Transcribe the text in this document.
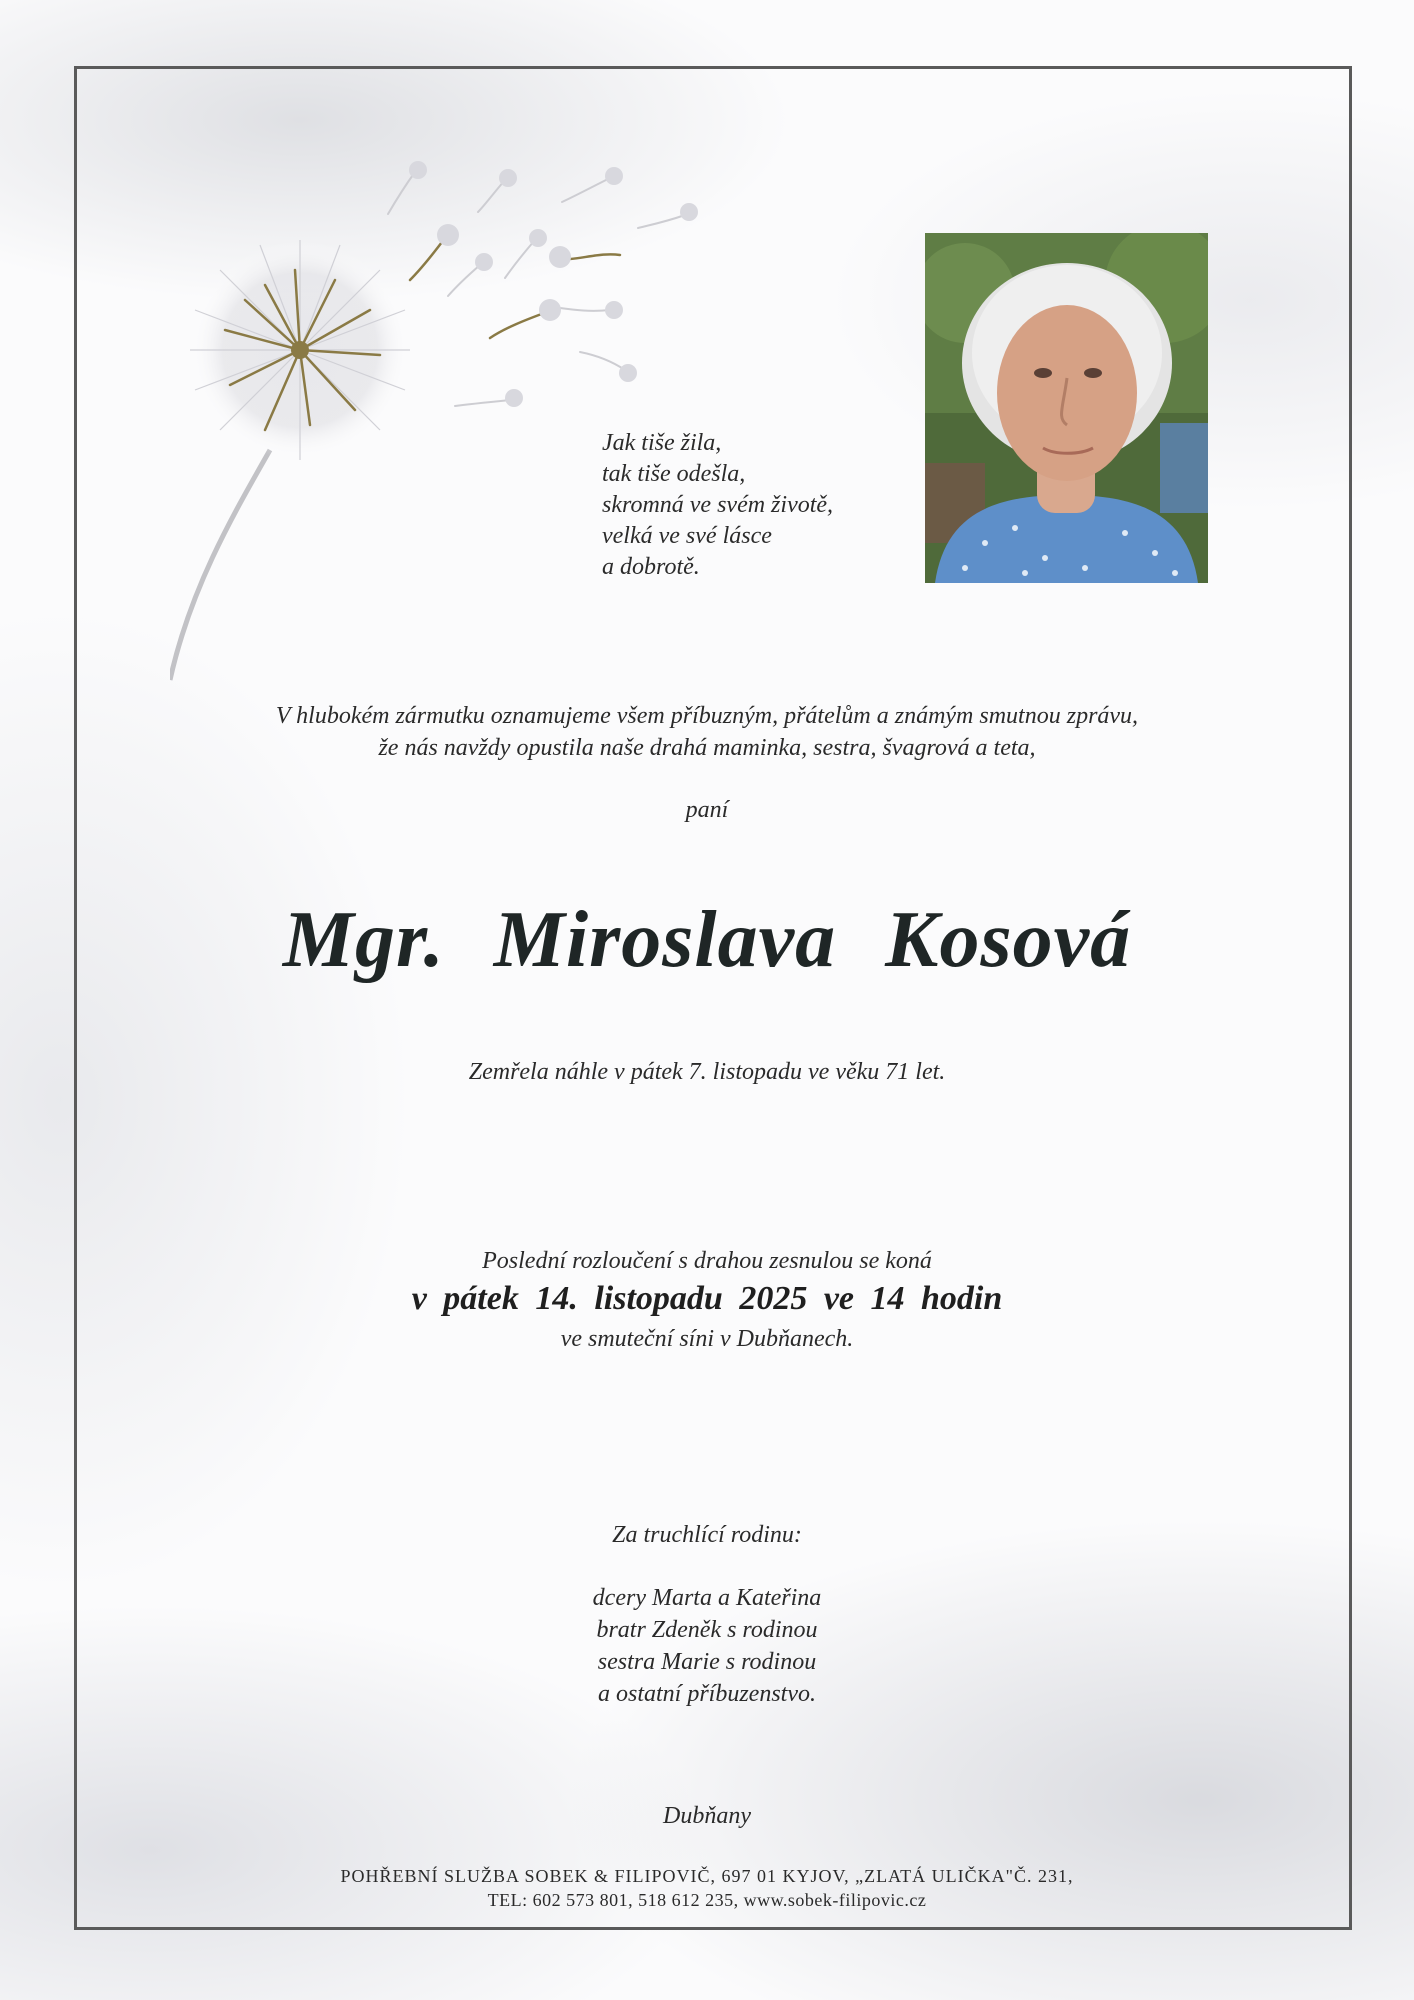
Jak tiše žila,
tak tiše odešla,
skromná ve svém životě,
velká ve své lásce
a dobrotě.
V hlubokém zármutku oznamujeme všem příbuzným, přátelům a známým smutnou zprávu,
že nás navždy opustila naše drahá maminka, sestra, švagrová a teta,
paní
Mgr. Miroslava Kosová
Zemřela náhle v pátek 7. listopadu ve věku 71 let.
Poslední rozloučení s drahou zesnulou se koná
v pátek 14. listopadu 2025 ve 14 hodin
ve smuteční síni v Dubňanech.
Za truchlící rodinu:
dcery Marta a Kateřina
bratr Zdeněk s rodinou
sestra Marie s rodinou
a ostatní příbuzenstvo.
Dubňany
POHŘEBNÍ SLUŽBA SOBEK & FILIPOVIČ, 697 01 KYJOV, „ZLATÁ ULIČKA"Č. 231,
TEL: 602 573 801, 518 612 235, www.sobek-filipovic.cz
